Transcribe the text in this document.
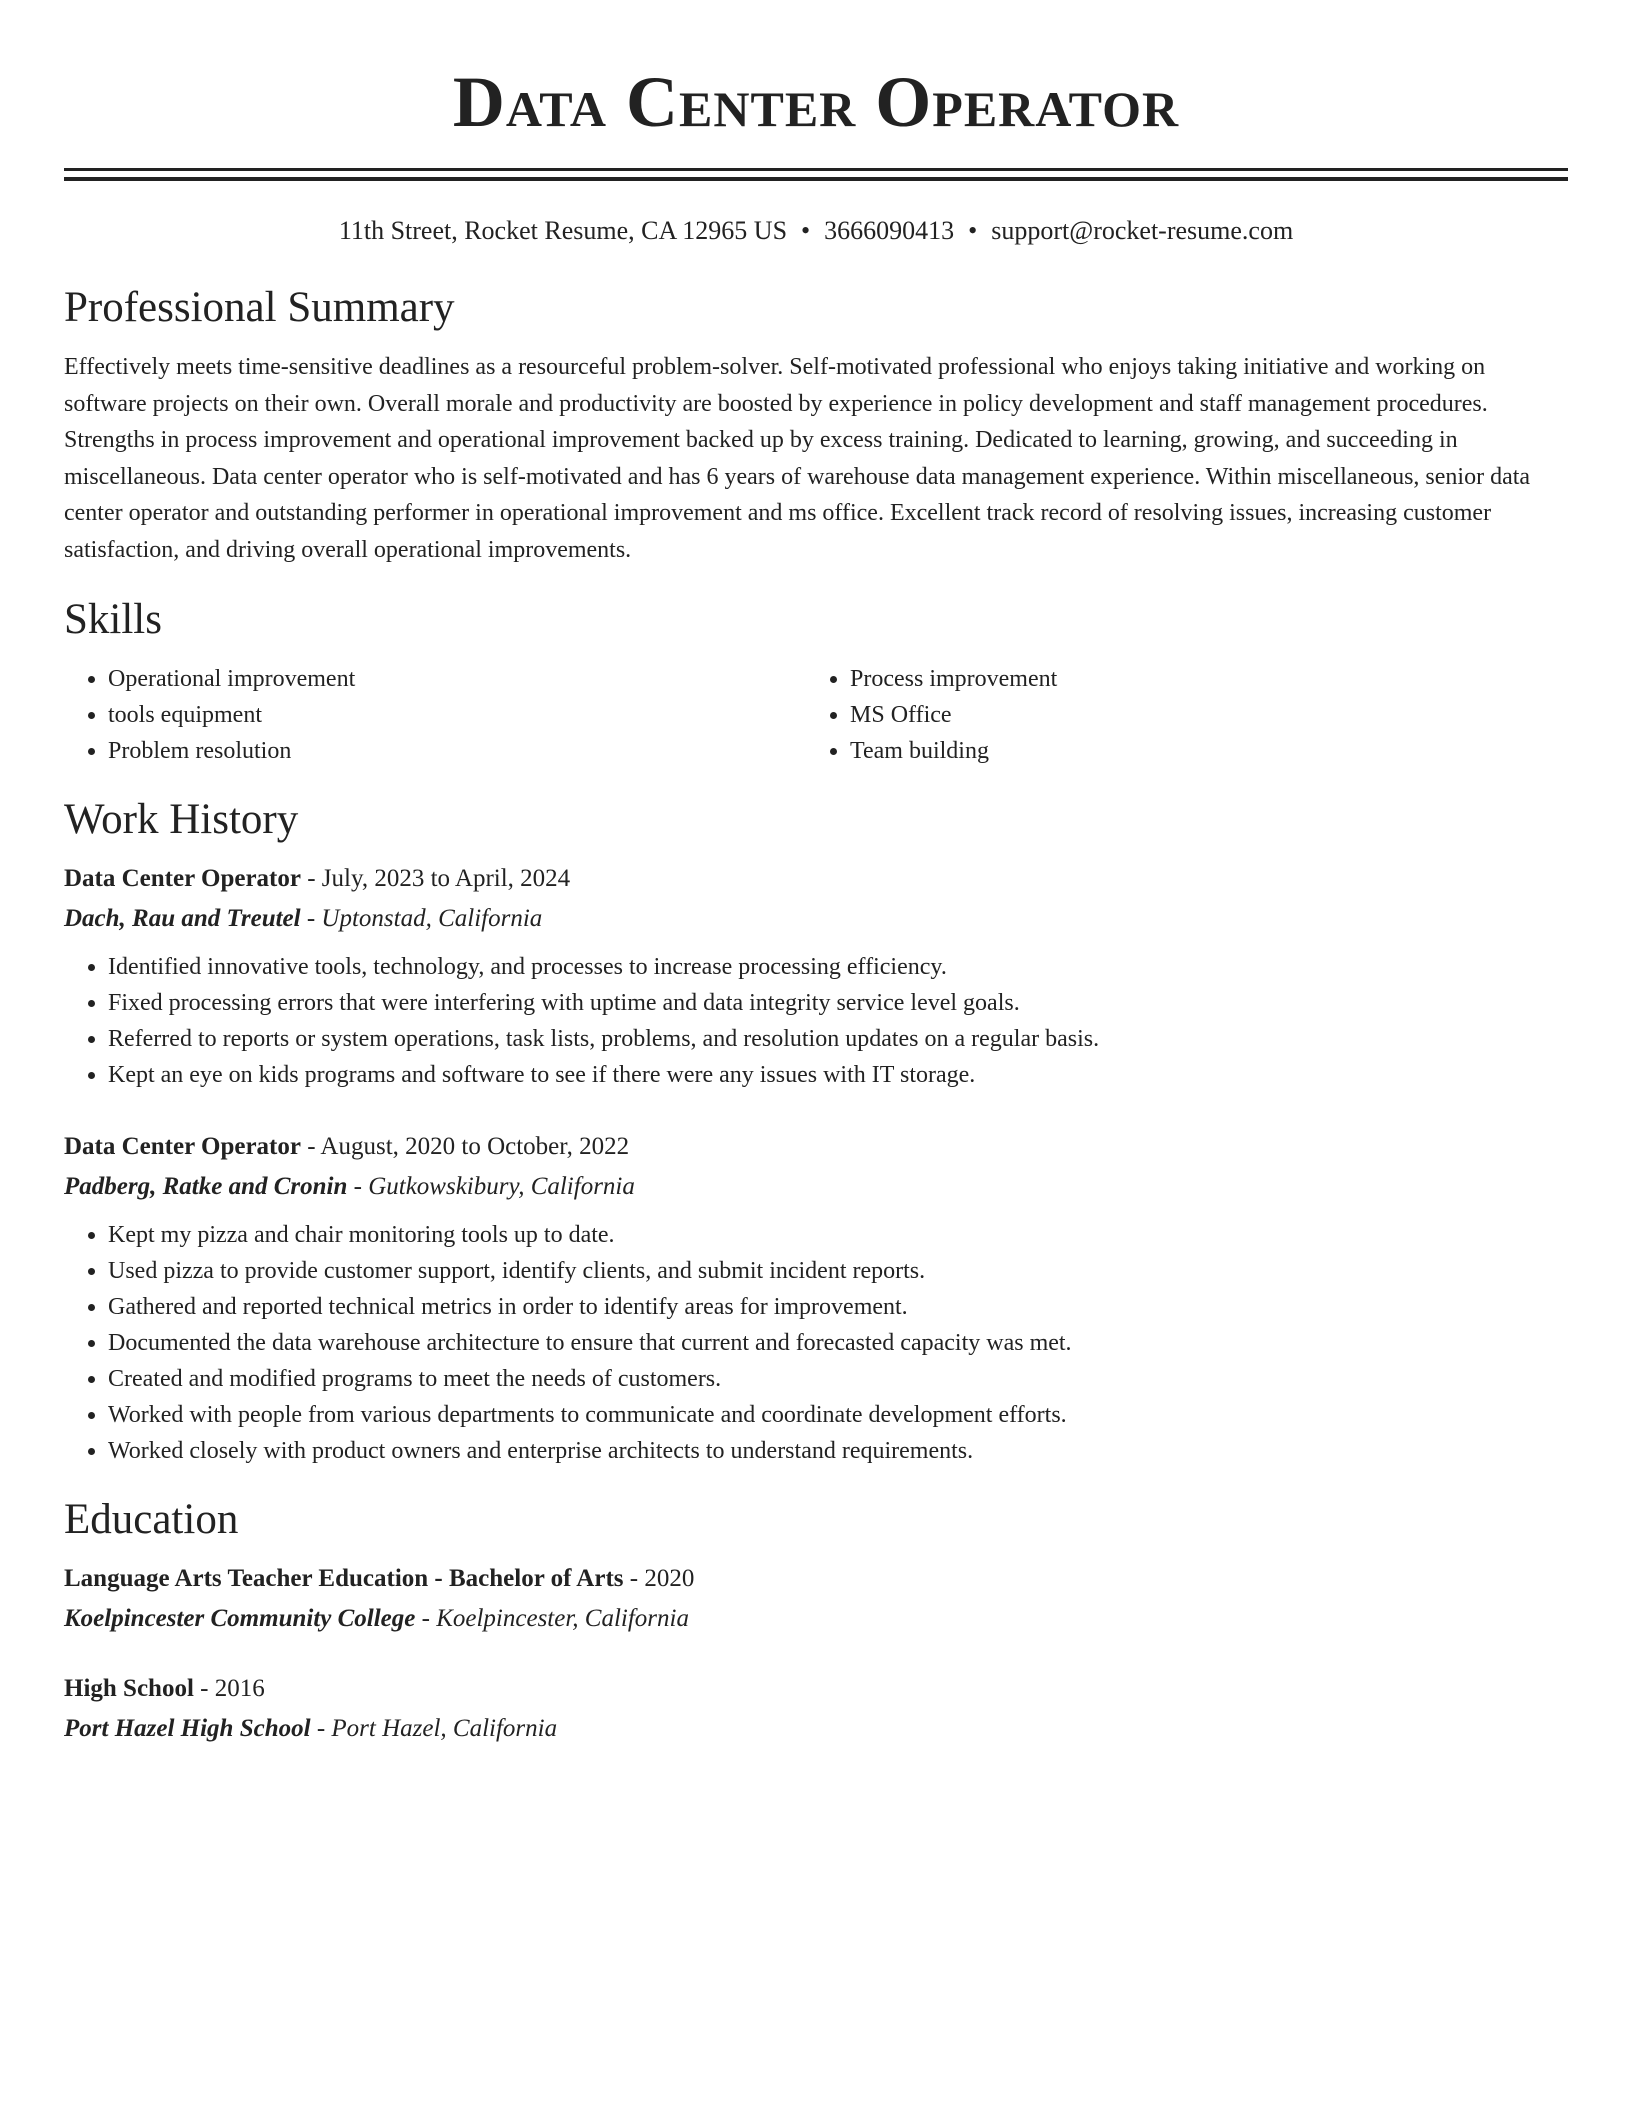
Data Center Operator
11th Street, Rocket Resume, CA 12965 US • 3666090413 • support@rocket-resume.com
Professional Summary
Effectively meets time-sensitive deadlines as a resourceful problem-solver. Self-motivated professional who enjoys taking initiative and working on software projects on their own. Overall morale and productivity are boosted by experience in policy development and staff management procedures. Strengths in process improvement and operational improvement backed up by excess training. Dedicated to learning, growing, and succeeding in miscellaneous. Data center operator who is self-motivated and has 6 years of warehouse data management experience. Within miscellaneous, senior data center operator and outstanding performer in operational improvement and ms office. Excellent track record of resolving issues, increasing customer satisfaction, and driving overall operational improvements.
Skills
• Operational improvement
• tools equipment
• Problem resolution
• Process improvement
• MS Office
• Team building
Work History
Data Center Operator - July, 2023 to April, 2024
Dach, Rau and Treutel - Uptonstad, California
• Identified innovative tools, technology, and processes to increase processing efficiency.
• Fixed processing errors that were interfering with uptime and data integrity service level goals.
• Referred to reports or system operations, task lists, problems, and resolution updates on a regular basis.
• Kept an eye on kids programs and software to see if there were any issues with IT storage.
Data Center Operator - August, 2020 to October, 2022
Padberg, Ratke and Cronin - Gutkowskibury, California
• Kept my pizza and chair monitoring tools up to date.
• Used pizza to provide customer support, identify clients, and submit incident reports.
• Gathered and reported technical metrics in order to identify areas for improvement.
• Documented the data warehouse architecture to ensure that current and forecasted capacity was met.
• Created and modified programs to meet the needs of customers.
• Worked with people from various departments to communicate and coordinate development efforts.
• Worked closely with product owners and enterprise architects to understand requirements.
Education
Language Arts Teacher Education - Bachelor of Arts - 2020
Koelpincester Community College - Koelpincester, California
High School - 2016
Port Hazel High School - Port Hazel, California
